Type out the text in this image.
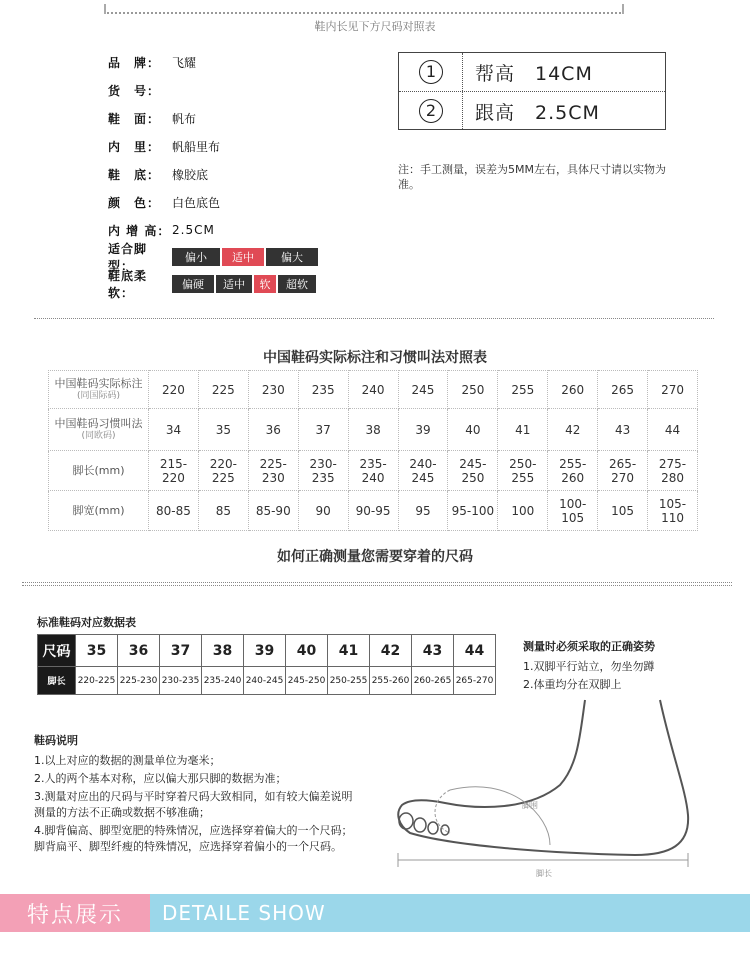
鞋内长见下方尺码对照表
品　牌： 飞耀
货　号：
鞋　面： 帆布
内　里： 帆船里布
鞋　底： 橡胶底
颜　色： 白色底色
内 增 高： 2.5CM
适合脚型：
偏小	适中	偏大
鞋底柔软：
偏硬	适中	软	超软
1	帮高　14CM
2	跟高　2.5CM
注：手工测量，误差为5MM左右，具体尺寸请以实物为准。
中国鞋码实际标注和习惯叫法对照表
中国鞋码实际标注
(同国际码)	220	225	230	235	240	245	250	255	260	265	270
中国鞋码习惯叫法
(同欧码)	34	35	36	37	38	39	40	41	42	43	44
脚长(mm)	215-220	220-225	225-230	230-235	235-240	240-245	245-250	250-255	255-260	265-270	275-280
脚宽(mm)	80-85	85	85-90	90	90-95	95	95-100	100	100-105	105	105-110
如何正确测量您需要穿着的尺码
标准鞋码对应数据表
尺码	35	36	37	38	39	40	41	42	43	44
脚长	220-225	225-230	230-235	235-240	240-245	245-250	250-255	255-260	260-265	265-270
测量时必须采取的正确姿势
1.双脚平行站立，勿坐勿蹲
2.体重均分在双脚上
鞋码说明
1.以上对应的数据的测量单位为毫米；
2.人的两个基本对称，应以偏大那只脚的数据为准；
3.测量对应出的尺码与平时穿着尺码大致相同，如有较大偏差说明
测量的方法不正确或数据不够准确；
4.脚背偏高、脚型宽肥的特殊情况，应选择穿着偏大的一个尺码；
脚背扁平、脚型纤瘦的特殊情况，应选择穿着偏小的一个尺码。
脚围
脚长
特点展示 DETAILE SHOW
